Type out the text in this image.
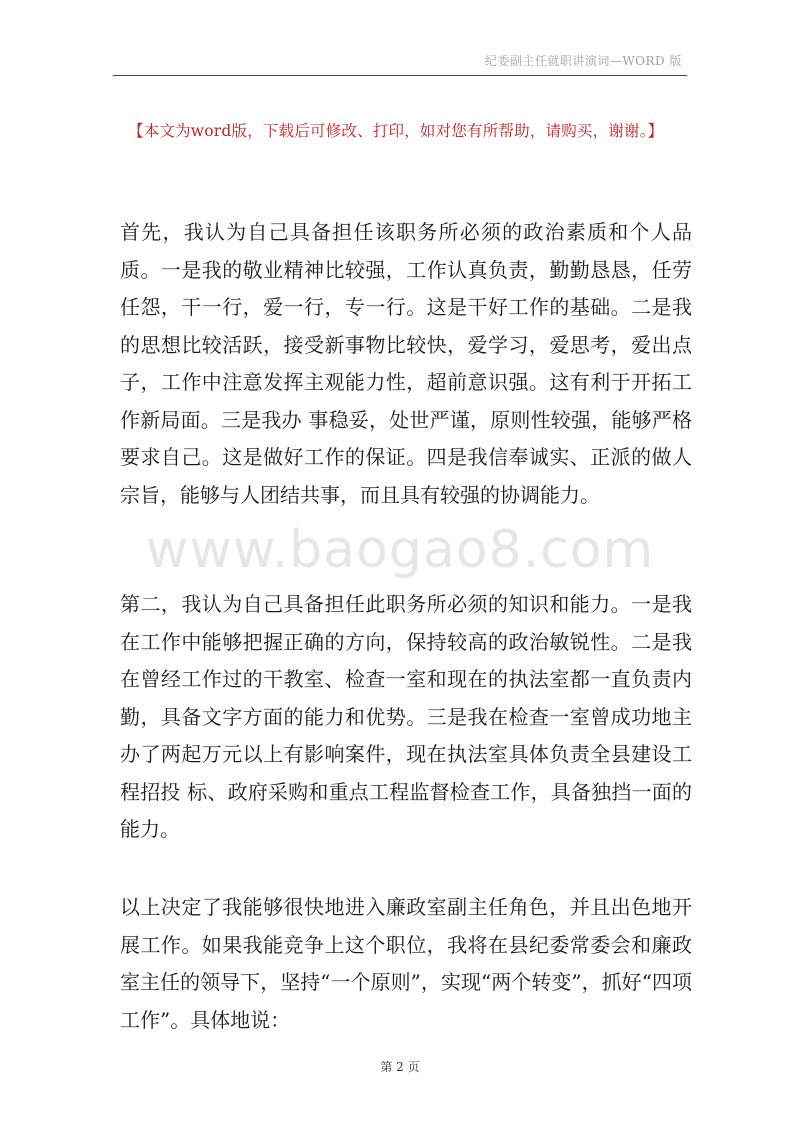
纪委副主任就职讲演词—WORD 版
【本文为word版，下载后可修改、打印，如对您有所帮助，请购买，谢谢。】

首先，我认为自己具备担任该职务所必须的政治素质和个人品质。一是我的敬业精神比较强，工作认真负责，勤勤恳恳，任劳任怨，干一行，爱一行，专一行。这是干好工作的基础。二是我的思想比较活跃，接受新事物比较快，爱学习，爱思考，爱出点子，工作中注意发挥主观能力性，超前意识强。这有利于开拓工作新局面。三是我办 事稳妥，处世严谨，原则性较强，能够严格要求自己。这是做好工作的保证。四是我信奉诚实、正派的做人宗旨，能够与人团结共事，而且具有较强的协调能力。

www.baogao8.com

第二，我认为自己具备担任此职务所必须的知识和能力。一是我在工作中能够把握正确的方向，保持较高的政治敏锐性。二是我在曾经工作过的干教室、检查一室和现在的执法室都一直负责内勤，具备文字方面的能力和优势。三是我在检查一室曾成功地主办了两起万元以上有影响案件，现在执法室具体负责全县建设工程招投 标、政府采购和重点工程监督检查工作，具备独挡一面的能力。

以上决定了我能够很快地进入廉政室副主任角色，并且出色地开展工作。如果我能竞争上这个职位，我将在县纪委常委会和廉政室主任的领导下，坚持“一个原则”，实现“两个转变”，抓好“四项工作”。具体地说：

第 2 页
